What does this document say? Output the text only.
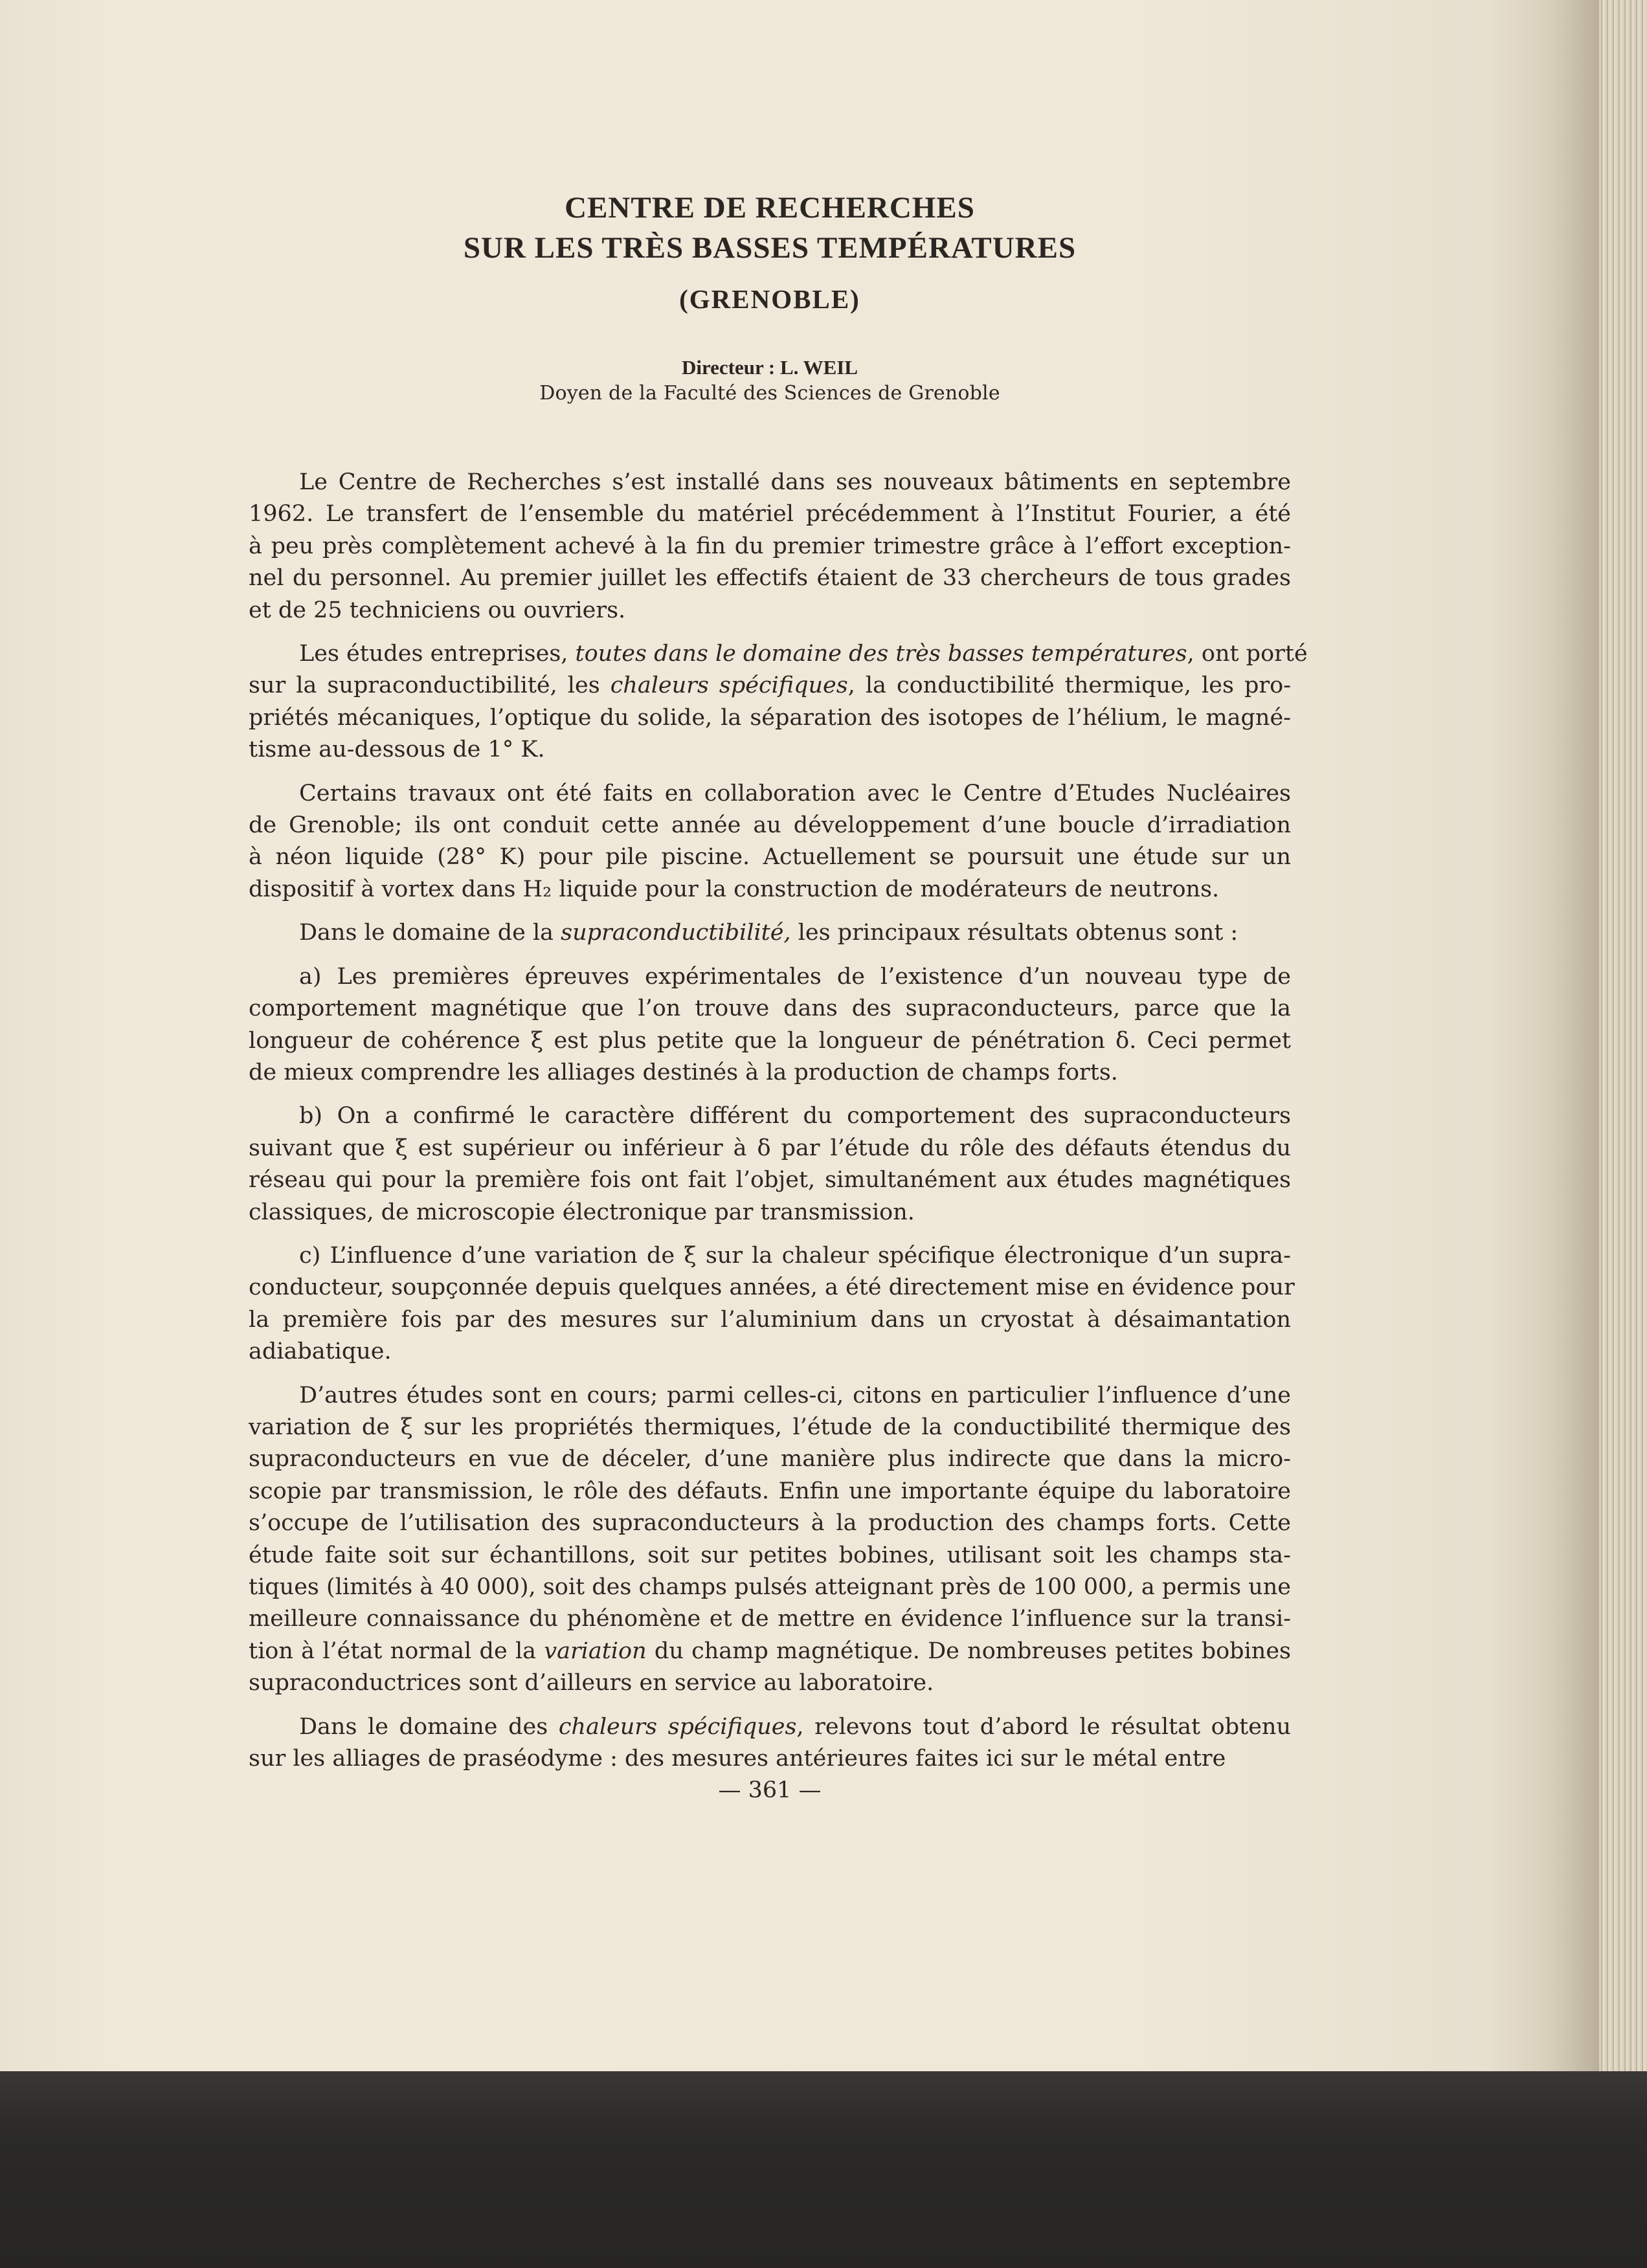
CENTRE DE RECHERCHES
SUR LES TRÈS BASSES TEMPÉRATURES
(GRENOBLE)
Directeur : L. WEIL
Doyen de la Faculté des Sciences de Grenoble
Le Centre de Recherches s’est installé dans ses nouveaux bâtiments en septembre
1962. Le transfert de l’ensemble du matériel précédemment à l’Institut Fourier, a été
à peu près complètement achevé à la fin du premier trimestre grâce à l’effort exception-
nel du personnel. Au premier juillet les effectifs étaient de 33 chercheurs de tous grades
et de 25 techniciens ou ouvriers.
Les études entreprises, toutes dans le domaine des très basses températures, ont porté
sur la supraconductibilité, les chaleurs spécifiques, la conductibilité thermique, les pro-
priétés mécaniques, l’optique du solide, la séparation des isotopes de l’hélium, le magné-
tisme au-dessous de 1° K.
Certains travaux ont été faits en collaboration avec le Centre d’Etudes Nucléaires
de Grenoble; ils ont conduit cette année au développement d’une boucle d’irradiation
à néon liquide (28° K) pour pile piscine. Actuellement se poursuit une étude sur un
dispositif à vortex dans H₂ liquide pour la construction de modérateurs de neutrons.
Dans le domaine de la supraconductibilité, les principaux résultats obtenus sont :
a) Les premières épreuves expérimentales de l’existence d’un nouveau type de
comportement magnétique que l’on trouve dans des supraconducteurs, parce que la
longueur de cohérence ξ est plus petite que la longueur de pénétration δ. Ceci permet
de mieux comprendre les alliages destinés à la production de champs forts.
b) On a confirmé le caractère différent du comportement des supraconducteurs
suivant que ξ est supérieur ou inférieur à δ par l’étude du rôle des défauts étendus du
réseau qui pour la première fois ont fait l’objet, simultanément aux études magnétiques
classiques, de microscopie électronique par transmission.
c) L’influence d’une variation de ξ sur la chaleur spécifique électronique d’un supra-
conducteur, soupçonnée depuis quelques années, a été directement mise en évidence pour
la première fois par des mesures sur l’aluminium dans un cryostat à désaimantation
adiabatique.
D’autres études sont en cours; parmi celles-ci, citons en particulier l’influence d’une
variation de ξ sur les propriétés thermiques, l’étude de la conductibilité thermique des
supraconducteurs en vue de déceler, d’une manière plus indirecte que dans la micro-
scopie par transmission, le rôle des défauts. Enfin une importante équipe du laboratoire
s’occupe de l’utilisation des supraconducteurs à la production des champs forts. Cette
étude faite soit sur échantillons, soit sur petites bobines, utilisant soit les champs sta-
tiques (limités à 40 000), soit des champs pulsés atteignant près de 100 000, a permis une
meilleure connaissance du phénomène et de mettre en évidence l’influence sur la transi-
tion à l’état normal de la variation du champ magnétique. De nombreuses petites bobines
supraconductrices sont d’ailleurs en service au laboratoire.
Dans le domaine des chaleurs spécifiques, relevons tout d’abord le résultat obtenu
sur les alliages de praséodyme : des mesures antérieures faites ici sur le métal entre
— 361 —
